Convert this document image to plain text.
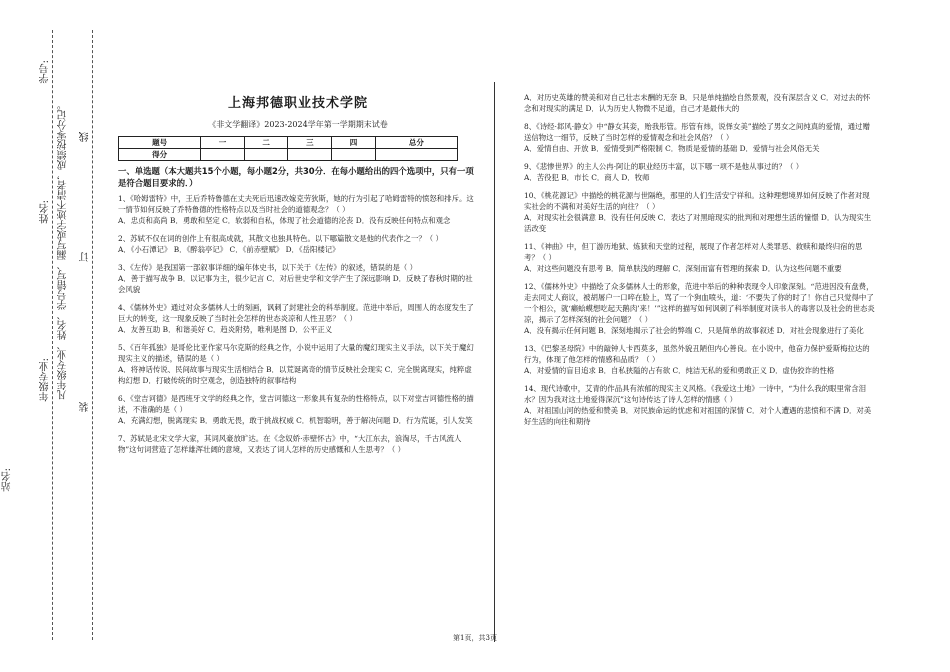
站名:
年级专业:
姓名:
学号:
凡年级专业、姓名、学号错写、漏写或字迹不清者，成绩按零分记。
装
订
线
上海邦德职业技术学院
《非文学翻译》2023-2024学年第一学期期末试卷
题号	一	二	三	四	总分
得分					
一、单选题（本大题共15个小题，每小题2分，共30分．在每小题给出的四个选项中，只有一项是符合题目要求的．）

1、《哈姆雷特》中，王后乔特鲁德在丈夫死后迅速改嫁克劳狄斯，她的行为引起了哈姆雷特的愤怒和排斥。这一情节如何反映了乔特鲁德的性格特点以及当时社会的道德观念？（ ）

A．忠贞和高尚 B．勇敢和坚定 C．软弱和自私，体现了社会道德的沦丧 D．没有反映任何特点和观念

2、苏轼不仅在词的创作上有很高成就，其散文也独具特色。以下哪篇散文是他的代表作之一？（ ）

A．《小石潭记》 B．《醉翁亭记》 C．《前赤壁赋》 D．《岳阳楼记》

3、《左传》是我国第一部叙事详细的编年体史书，以下关于《左传》的叙述，错误的是（ ）

A．善于描写战争 B．以记事为主，很少记言 C．对后世史学和文学产生了深远影响 D．反映了春秋时期的社会风貌

4、《儒林外史》通过对众多儒林人士的刻画，讽刺了封建社会的科举制度。范进中举后，周围人的态度发生了巨大的转变，这一现象反映了当时社会怎样的世态炎凉和人性丑恶？（ ）

A．友善互助 B．和谐美好 C．趋炎附势，唯利是图 D．公平正义

5、《百年孤独》是哥伦比亚作家马尔克斯的经典之作，小说中运用了大量的魔幻现实主义手法，以下关于魔幻现实主义的描述，错误的是（ ）

A．将神话传说、民间故事与现实生活相结合 B．以荒诞离奇的情节反映社会现实 C．完全脱离现实，纯粹虚构幻想 D．打破传统的时空观念，创造独特的叙事结构

6、《堂吉诃德》是西班牙文学的经典之作，堂吉诃德这一形象具有复杂的性格特点，以下对堂吉诃德性格的描述，不准确的是（ ）

A．充满幻想，脱离现实 B．勇敢无畏，敢于挑战权威 C．机智聪明，善于解决问题 D．行为荒诞，引人发笑

7、苏轼是北宋文学大家，其词风豪放旷达。在《念奴娇·赤壁怀古》中，“大江东去，浪淘尽，千古风流人物”这句词营造了怎样雄浑壮阔的意境，又表达了词人怎样的历史感慨和人生思考？（ ）

A．对历史英雄的赞美和对自己壮志未酬的无奈 B．只是单纯描绘自然景观，没有深层含义 C．对过去的怀念和对现实的满足 D．认为历史人物微不足道，自己才是最伟大的

8、《诗经·邶风·静女》中“静女其娈，贻我彤管。彤管有炜，说怿女美”描绘了男女之间纯真的爱情，通过赠送信物这一细节，反映了当时怎样的爱情观念和社会风俗？（ ）

A．爱情自由、开放 B．爱情受到严格限制 C．物质是爱情的基础 D．爱情与社会风俗无关

9、《悲惨世界》的主人公冉·阿让的职业经历丰富，以下哪一项不是他从事过的？（ ）

A．苦役犯 B．市长 C．商人 D．牧师

10、《桃花源记》中描绘的桃花源与世隔绝，那里的人们生活安宁祥和。这种理想境界如何反映了作者对现实社会的不满和对美好生活的向往？（ ）

A．对现实社会很满意 B．没有任何反映 C．表达了对黑暗现实的批判和对理想生活的憧憬 D．认为现实生活改变

11、《神曲》中，但丁游历地狱、炼狱和天堂的过程，展现了作者怎样对人类罪恶、救赎和最终归宿的思考？（ ）

A．对这些问题没有思考 B．简单肤浅的理解 C．深刻而富有哲理的探索 D．认为这些问题不重要

12、《儒林外史》中描绘了众多儒林人士的形象，范进中举后的种种表现令人印象深刻。“范进因没有盘费，走去同丈人商议，被胡屠户一口啐在脸上，骂了一个狗血喷头，道：‘不要失了你的时了！你自己只觉得中了一个相公，就‘癞蛤蟆想吃起天鹅肉’来！’”这样的描写如何讽刺了科举制度对读书人的毒害以及社会的世态炎凉，揭示了怎样深刻的社会问题？（ ）

A．没有揭示任何问题 B．深刻地揭示了社会的弊端 C．只是简单的故事叙述 D．对社会现象进行了美化

13、《巴黎圣母院》中的敲钟人卡西莫多，虽然外貌丑陋但内心善良。在小说中，他奋力保护爱斯梅拉达的行为，体现了他怎样的情感和品质？（ ）

A．对爱情的盲目追求 B．自私狭隘的占有欲 C．纯洁无私的爱和勇敢正义 D．虚伪狡诈的性格

14、现代诗歌中，艾青的作品具有浓郁的现实主义风格。《我爱这土地》一诗中，“为什么我的眼里常含泪水？因为我对这土地爱得深沉”这句诗传达了诗人怎样的情感（ ）

A．对祖国山河的热爱和赞美 B．对民族命运的忧虑和对祖国的深情 C．对个人遭遇的悲愤和不满 D．对美好生活的向往和期待

第1页，共3页
